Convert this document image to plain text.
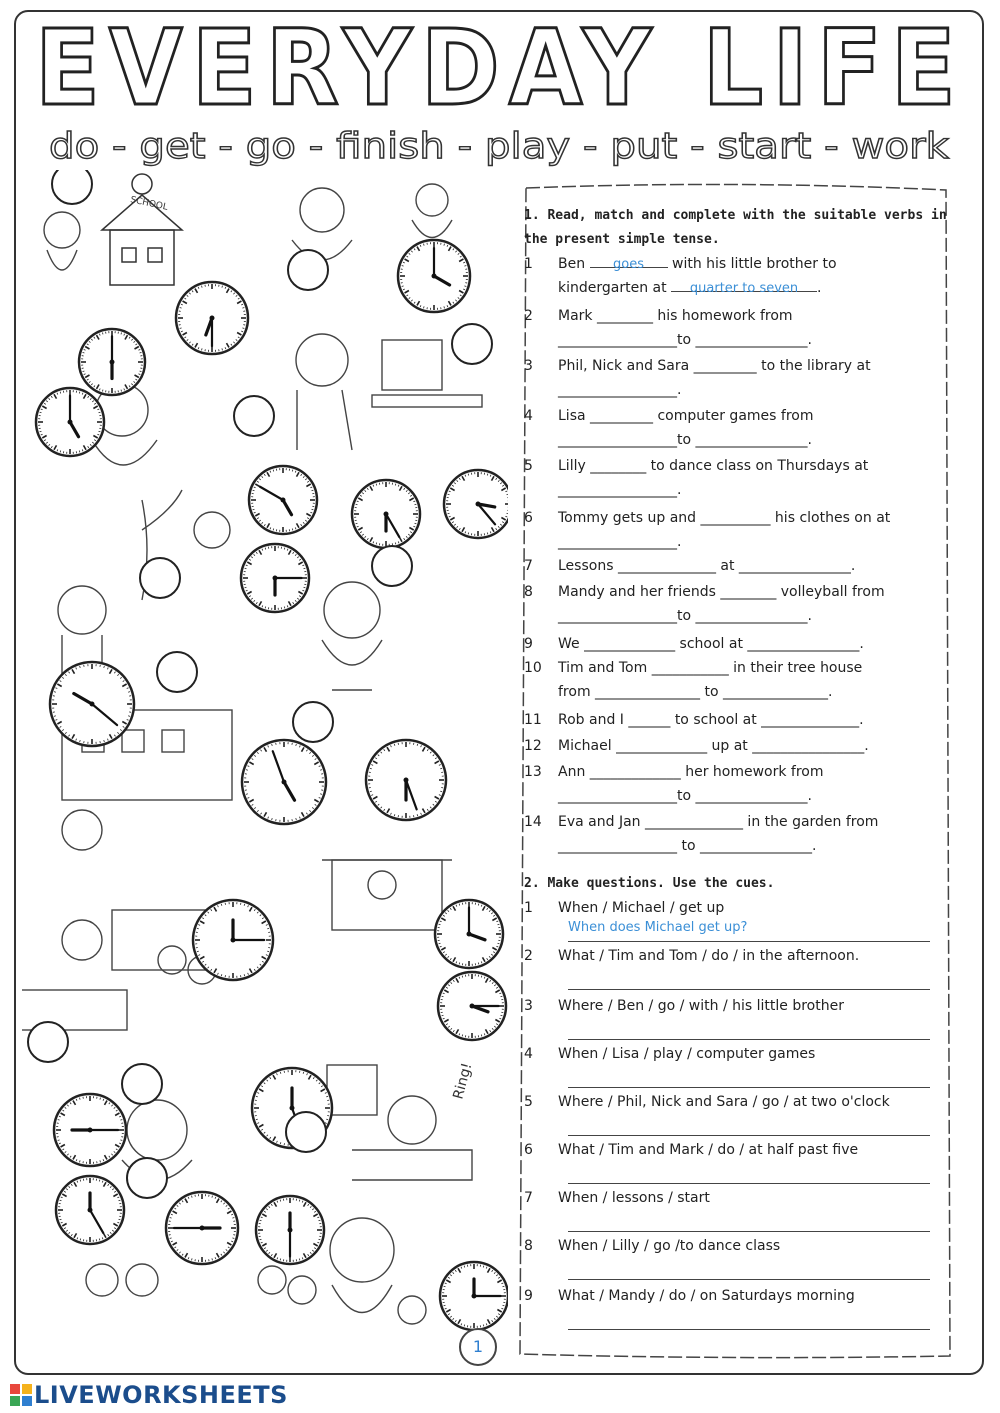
EVERYDAY LIFE
do - get - go - finish - play - put - start - work
SCHOOL
Ring!
1. Read, match and complete with the suitable verbs in
the present simple tense.
1	Ben goes with his little brother to
kindergarten at quarter to seven .
2	Mark ________ his homework from
_________________to ________________.
3	Phil, Nick and Sara _________ to the library at
_________________.
4	Lisa _________ computer games from
_________________to ________________.
5	Lilly ________ to dance class on Thursdays at
_________________.
6	Tommy gets up and __________ his clothes on at
_________________.
7	Lessons ______________ at ________________.
8	Mandy and her friends ________ volleyball from
_________________to ________________.
9	We _____________ school at ________________.
10	Tim and Tom ___________ in their tree house
from _______________ to _______________.
11	Rob and I ______ to school at ______________.
12	Michael _____________ up at ________________.
13	Ann _____________ her homework from
_________________to ________________.
14	Eva and Jan ______________ in the garden from
_________________ to ________________.
2. Make questions. Use the cues.
1	When / Michael / get up
When does Michael get up?
2	What / Tim and Tom / do / in the afternoon.
3	Where / Ben / go / with / his little brother
4	When / Lisa / play / computer games
5	Where / Phil, Nick and Sara / go / at two o'clock
6	What / Tim and Mark / do / at half past five
7	When / lessons / start
8	When / Lilly / go /to dance class
9	What / Mandy / do / on Saturdays morning
1
LIVEWORKSHEETS
